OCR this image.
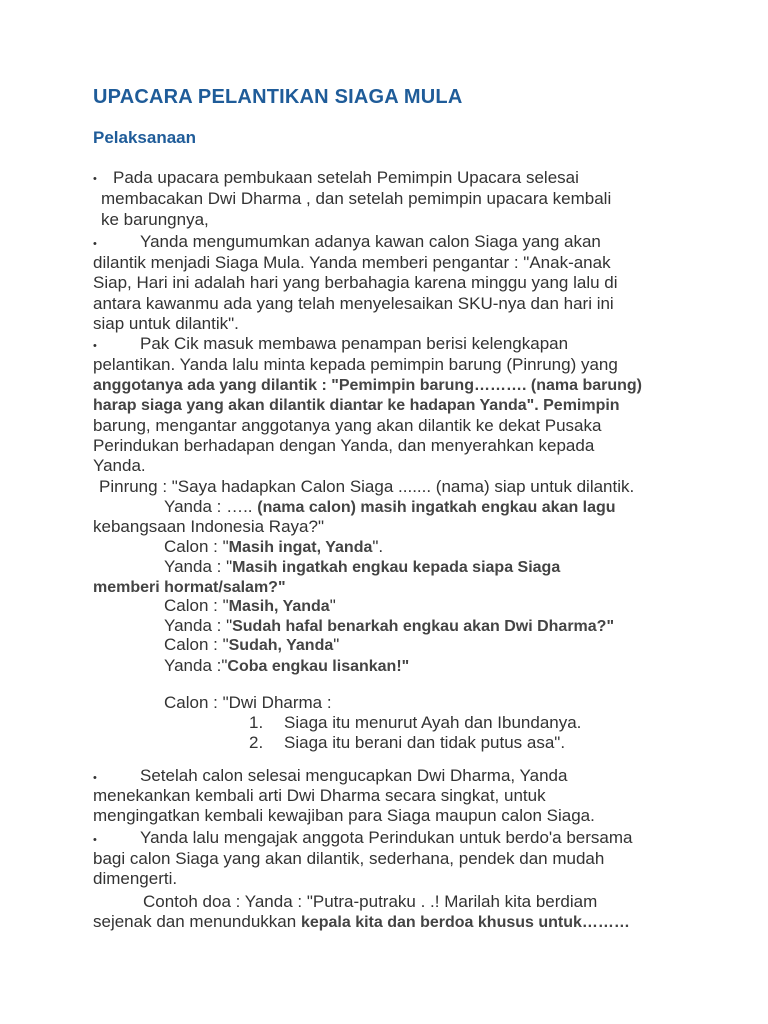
UPACARA PELANTIKAN SIAGA MULA
Pelaksanaan
• Pada upacara pembukaan setelah Pemimpin Upacara selesai
membacakan Dwi Dharma , dan setelah pemimpin upacara kembali
ke barungnya,
•	Yanda mengumumkan adanya kawan calon Siaga yang akan
dilantik menjadi Siaga Mula. Yanda memberi pengantar : "Anak-anak
Siap, Hari ini adalah hari yang berbahagia karena minggu yang lalu di
antara kawanmu ada yang telah menyelesaikan SKU-nya dan hari ini
siap untuk dilantik".
•	Pak Cik masuk membawa penampan berisi kelengkapan
pelantikan. Yanda lalu minta kepada pemimpin barung (Pinrung) yang
anggotanya ada yang dilantik : "Pemimpin barung………. (nama barung)
harap siaga yang akan dilantik diantar ke hadapan Yanda". Pemimpin
barung, mengantar anggotanya yang akan dilantik ke dekat Pusaka
Perindukan berhadapan dengan Yanda, dan menyerahkan kepada
Yanda.
Pinrung : "Saya hadapkan Calon Siaga ....... (nama) siap untuk dilantik.
Yanda : ….. (nama calon) masih ingatkah engkau akan lagu
kebangsaan Indonesia Raya?"
Calon : "Masih ingat, Yanda".
Yanda : "Masih ingatkah engkau kepada siapa Siaga
memberi hormat/salam?"
Calon : "Masih, Yanda"
Yanda : "Sudah hafal benarkah engkau akan Dwi Dharma?"
Calon : "Sudah, Yanda"
Yanda :"Coba engkau lisankan!"
Calon : "Dwi Dharma :
1. Siaga itu menurut Ayah dan Ibundanya.
2. Siaga itu berani dan tidak putus asa".
•	Setelah calon selesai mengucapkan Dwi Dharma, Yanda
menekankan kembali arti Dwi Dharma secara singkat, untuk
mengingatkan kembali kewajiban para Siaga maupun calon Siaga.
•	Yanda lalu mengajak anggota Perindukan untuk berdo'a bersama
bagi calon Siaga yang akan dilantik, sederhana, pendek dan mudah
dimengerti.
Contoh doa : Yanda : "Putra-putraku . .! Marilah kita berdiam
sejenak dan menundukkan kepala kita dan berdoa khusus untuk………
